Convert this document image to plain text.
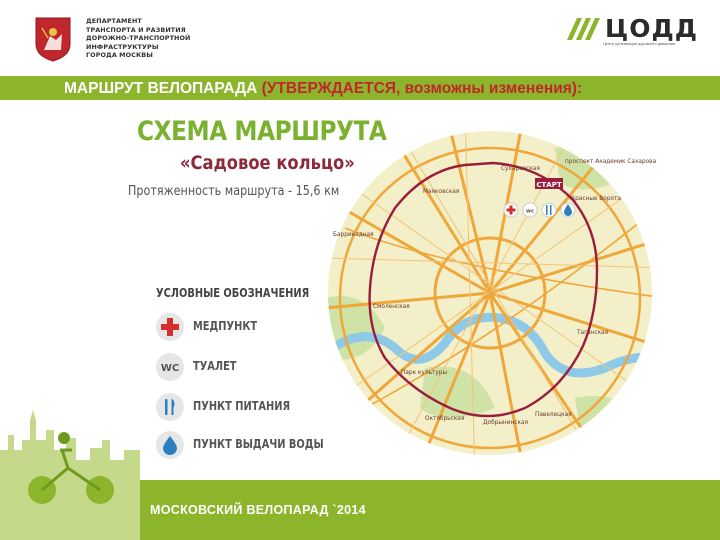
ДЕПАРТАМЕНТ
ТРАНСПОРТА И РАЗВИТИЯ
ДОРОЖНО-ТРАНСПОРТНОЙ
ИНФРАСТРУКТУРЫ
ГОРОДА МОСКВЫ
ЦОДД
Центр организации дорожного движения
МАРШРУТ ВЕЛОПАРАДА (УТВЕРЖДАЕТСЯ, возможны изменения):
СХЕМА МАРШРУТА
«Садовое кольцо»
Протяженность маршрута - 15,6 км
УСЛОВНЫЕ ОБОЗНАЧЕНИЯ
МЕДПУНКТ
WC ТУАЛЕТ
ПУНКТ ПИТАНИЯ
ПУНКТ ВЫДАЧИ ВОДЫ
СТАРТ
wc
Сухаревская
проспект Академик Сахарова
Маяковская
Красные Ворота
Баррикадная
Смоленская
Таганская
Парк культуры
Октябрьская
Добрынинская
Павелецкая
МОСКОВСКИЙ ВЕЛОПАРАД `2014
